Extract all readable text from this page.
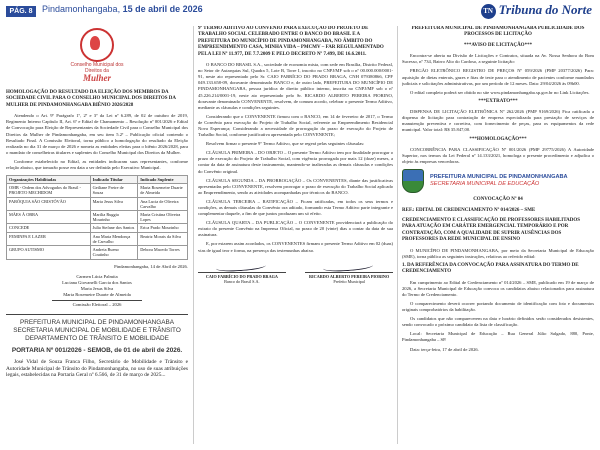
PÁG. 8	Pindamonhangaba, 15 de abril de 2026	TN Tribuna do Norte
Conselho Municipal dos Direitos da
Mulher
HOMOLOGAÇÃO DO RESULTADO DA ELEIÇÃO DOS MEMBROS DA SOCIEDADE CIVIL PARA O CONSELHO MUNICIPAL DOS DIREITOS DA MULHER DE PINDAMONHANGABA BIÊNIO 2026/2028

Atendendo o Art. 9º Parágrafo 1º, 2º e 3º da Lei nº 6.289, de 02 de outubro de 2019, Regimento Interno Capítulo II, Art. 6º e Edital de Chamamento – Resolução nº 001/2026 e Edital de Convocação para Eleição de Representantes da Sociedade Civil para o Conselho Municipal dos Direitos da Mulher de Pindamonhangaba, em seu item 5.2ª – Publicação oficial contendo o Resultado Final. A Comissão Eleitoral, torna público a homologação do resultado da Eleição realizada no dia 31 de março de 2026 e nomeia as entidades eleitas para o biênio 2026/2028, para o mandato de conselheiras titulares e suplentes do Conselho Municipal dos Direitos da Mulher.

Conforme estabelecido no Edital, as entidades indicaram suas representantes, conforme relação abaixo, que tomarão posse em data a ser definida pelo Executivo Municipal.

Organizações Habilitadas	Indicado Titular	Indicado Suplente
OMB - Ordem dos Advogados do Brasil - PROJETO MECHIDOM	Geiliane Freire de Souza	Maria Rosemeire Duarte de Almeida
PARÓQUIA SÃO CRISTÓVÃO	Maria Jesus Silva	Ana Lucia de Oliveira Carvalho
MÃES À OBRA	Marilia Ruggia Mourinho	Maria Cristina Oliveira Lopes
CONCEDE	Julia Stefane dos Santos	Erica Prado Mourinho
FEMINPA E LAZER	Ana Maria Mendonça de Carvalho	Beatriz Morais da Silva
GRUPO AUTISMO	Andreia Bueno Coutinho	Debora Macedo Torres
Pindamonhangaba, 14 de Abril de 2026.
Carmen Lúcia Palmita
Luciana Giovanelli Garcia dos Santos
Maria Jesus Silva
Maria Rosemeire Duarte de Almeida
Comissão Eleitoral – 2026
PREFEITURA MUNICIPAL DE PINDAMONHANGABA SECRETARIA MUNICIPAL DE MOBILIDADE E TRÂNSITO DEPARTAMENTO DE TRÂNSITO E MOBILIDADE
PORTARIA Nº 001/2026 - SEMOB, de 01 de abril de 2026.

José Vidal de Souza Franca Filho, Secretário de Mobilidade e Trânsito e Autoridade Municipal de Trânsito do Pindamonhangaba, no uso de suas atribuições legais, estabelecidas na Portaria Geral nº 6.566, de 31 de março de 2025...

9º TERMO ADITIVO AO CONVÊNIO PARA EXECUÇÃO DO PROJETO DE TRABALHO SOCIAL CELEBRADO ENTRE O BANCO DO BRASIL E A PREFEITURA DO MUNICÍPIO DE PINDAMONHANGABA, NO ÂMBITO DO EMPREENDIMENTO CASA, MINHA VIDA – PMCMV – FAR REGULAMENTADO PELA LEI Nº 11.977, DE 7.7.2009 E PELO DECRETO Nº 7.499, DE 16.6.2011.

O BANCO DO BRASIL S.A., sociedade de economia mista, com sede em Brasília, Distrito Federal, no Setor de Autarquias Sul, Quadra 5, Lote B, Torre I, inscrito no CNPJ/MF sob o nº 00.000.000/0001-91, neste ato representado pelo Sr. CAIO FABRÍCIO DO PRADO BRAGA, CNH 079380866, CPF 049.133.658-09, doravante denominado BANCO e, de outro lado, PREFEITURA DO MUNICÍPIO DE PINDAMONHANGABA, pessoa jurídica de direito público interno, inscrita no CNPJ/MF sob o nº 45.226.214/0001-19, neste ato representado pelo Sr. RICARDO ALBERTO PEREIRA PIORINO, doravante denominado CONVENENTE, resolvem, de comum acordo, celebrar o presente Termo Aditivo, mediante as cláusulas e condições seguintes.

Considerando que o CONVENENTE firmou com o BANCO, em 14 de fevereiro de 2017, o Termo de Convênio para execução do Projeto de Trabalho Social, referente ao Empreendimento Residencial Nova Esperança; Considerando a necessidade de prorrogação do prazo de execução do Projeto de Trabalho Social, conforme justificativa apresentada pelo CONVENENTE;

Resolvem firmar o presente 9º Termo Aditivo, que se regerá pelas seguintes cláusulas:

CLÁUSULA PRIMEIRA – DO OBJETO – O presente Termo Aditivo tem por finalidade prorrogar o prazo de execução do Projeto de Trabalho Social, com vigência prorrogada por mais 12 (doze) meses, a contar da data de assinatura deste instrumento, mantendo-se inalteradas as demais cláusulas e condições do Convênio original.

CLÁUSULA SEGUNDA – DA PRORROGAÇÃO – Os CONVENENTES, diante das justificativas apresentadas pelo CONVENENTE, resolvem prorrogar o prazo de execução do Trabalho Social aplicado ao Empreendimento, sendo as atividades acompanhadas por técnicos do BANCO.

CLÁUSULA TERCEIRA – RATIFICAÇÃO – Ficam ratificadas, em todos os seus termos e condições, as demais cláusulas do Convênio ora aditado, formando esta Termo Aditivo parte integrante e complementar daquele, a fim de que juntos produzam um só efeito.

CLÁUSULA QUARTA – DA PUBLICAÇÃO – O CONVENENTE providenciará a publicação do extrato do presente Convênio na Imprensa Oficial, no prazo de 20 (vinte) dias a contar da data de sua assinatura.

E, por estarem assim acordados, os CONVENENTES firmam o presente Termo Aditivo em 02 (duas) vias de igual teor e forma, na presença das testemunhas abaixo.

CAIO FABRÍCIO DO PRADO BRAGA
Banco do Brasil S.A.
RICARDO ALBERTO PEREIRA PIORINO
Prefeito Municipal
PREFEITURA MUNICIPAL DE PINDAMONHANGABA PUBLICIDADE DOS PROCESSOS DE LICITAÇÃO
***AVISO DE LICITAÇÃO***

Encontra-se aberta na Divisão de Licitações e Contratos, situada na Av. Nossa Senhora do Bom Sucesso, nº 734, Bairro Alto do Cardoso, a seguinte licitação:

PREGÃO ELETRÔNICO REGISTRO DE PREÇOS Nº 059/2026 (PMP 20377/2026) Para: aquisição de dietas enterais, gazes e fitas de teste para o atendimento de pacientes conforme mandados judiciais e solicitações administrativas, por um período de 12 meses. Data: 29/04/2026 às 09h00.

O edital completo poderá ser obtido no site www.pindamonhangaba.sp.gov.br no Link Licitações.

***EXTRATO***

DISPENSA DE LICITAÇÃO ELETRÔNICA Nº 262/2026 (PMP 9169/2026) Fica ratificada a dispensa de licitação para contratação de empresa especializada para prestação de serviços de manutenção preventiva e corretiva, com fornecimento de peças, para os equipamentos da rede municipal. Valor total: R$ 35.847,00.

***HOMOLOGAÇÃO***

CONCORRÊNCIA PARA CLASSIFICAÇÃO Nº 001/2026 (PMP 29775/2026) A Autoridade Superior, nos termos da Lei Federal nº 14.133/2021, homologa o presente procedimento e adjudica o objeto às empresas vencedoras.

PREFEITURA MUNICIPAL DE PINDAMONHANGABA
SECRETARIA MUNICIPAL DE EDUCAÇÃO
CONVOCAÇÃO Nº 04
REF.: EDITAL DE CREDENCIAMENTO Nº 014/2026 – SME
CREDENCIAMENTO E CLASSIFICAÇÃO DE PROFESSORES HABILITADOS PARA ATUAÇÃO EM CARÁTER EMERGENCIAL TEMPORÁRIO E POR CONTRATAÇÃO, COM A QUALIDADE DE SUPRIR AUSÊNCIAS DOS PROFESSORES DA REDE MUNICIPAL DE ENSINO

O MUNICÍPIO DE PINDAMONHANGABA, por meio da Secretaria Municipal de Educação (SME), torna pública as seguintes instruções, relativas ao referido edital:

1. DA REFERÊNCIA DA CONVOCAÇÃO PARA ASSINATURA DO TERMO DE CREDENCIAMENTO

Em cumprimento ao Edital de Credenciamento nº 014/2026 – SME, publicado em 19 de março de 2026, a Secretaria Municipal de Educação convoca os candidatos abaixo relacionados para assinatura do Termo de Credenciamento.

O comparecimento deverá ocorrer portando documento de identificação com foto e documentos originais comprobatórios da habilitação.

Os candidatos que não comparecerem na data e horário definidos serão considerados desistentes, sendo convocado o próximo candidato da lista de classificação.

Local: Secretaria Municipal de Educação – Rua General Júlio Salgado, 880, Ponte, Pindamonhangaba – SP.

Data: terça-feira, 17 de abril de 2026.
